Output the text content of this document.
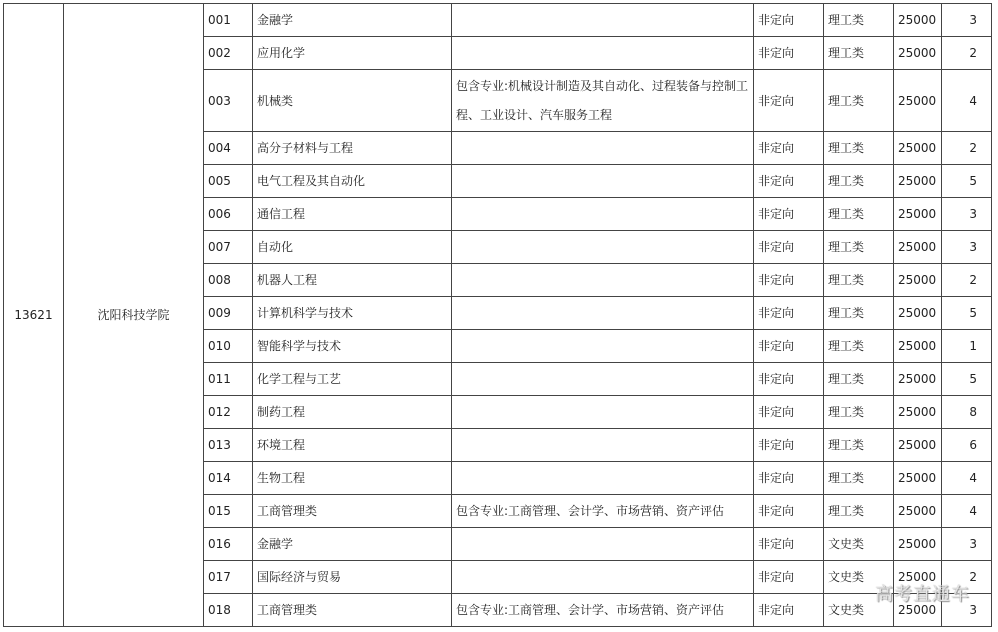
13621	沈阳科技学院	001	金融学		非定向	理工类	25000	3
		002	应用化学		非定向	理工类	25000	2
		003	机械类	包含专业:机械设计制造及其自动化、过程装备与控制工程、工业设计、汽车服务工程	非定向	理工类	25000	4
		004	高分子材料与工程		非定向	理工类	25000	2
		005	电气工程及其自动化		非定向	理工类	25000	5
		006	通信工程		非定向	理工类	25000	3
		007	自动化		非定向	理工类	25000	3
		008	机器人工程		非定向	理工类	25000	2
		009	计算机科学与技术		非定向	理工类	25000	5
		010	智能科学与技术		非定向	理工类	25000	1
		011	化学工程与工艺		非定向	理工类	25000	5
		012	制药工程		非定向	理工类	25000	8
		013	环境工程		非定向	理工类	25000	6
		014	生物工程		非定向	理工类	25000	4
		015	工商管理类	包含专业:工商管理、会计学、市场营销、资产评估	非定向	理工类	25000	4
		016	金融学		非定向	文史类	25000	3
		017	国际经济与贸易		非定向	文史类	25000	2
		018	工商管理类	包含专业:工商管理、会计学、市场营销、资产评估	非定向	文史类	25000	3
高考直通车
